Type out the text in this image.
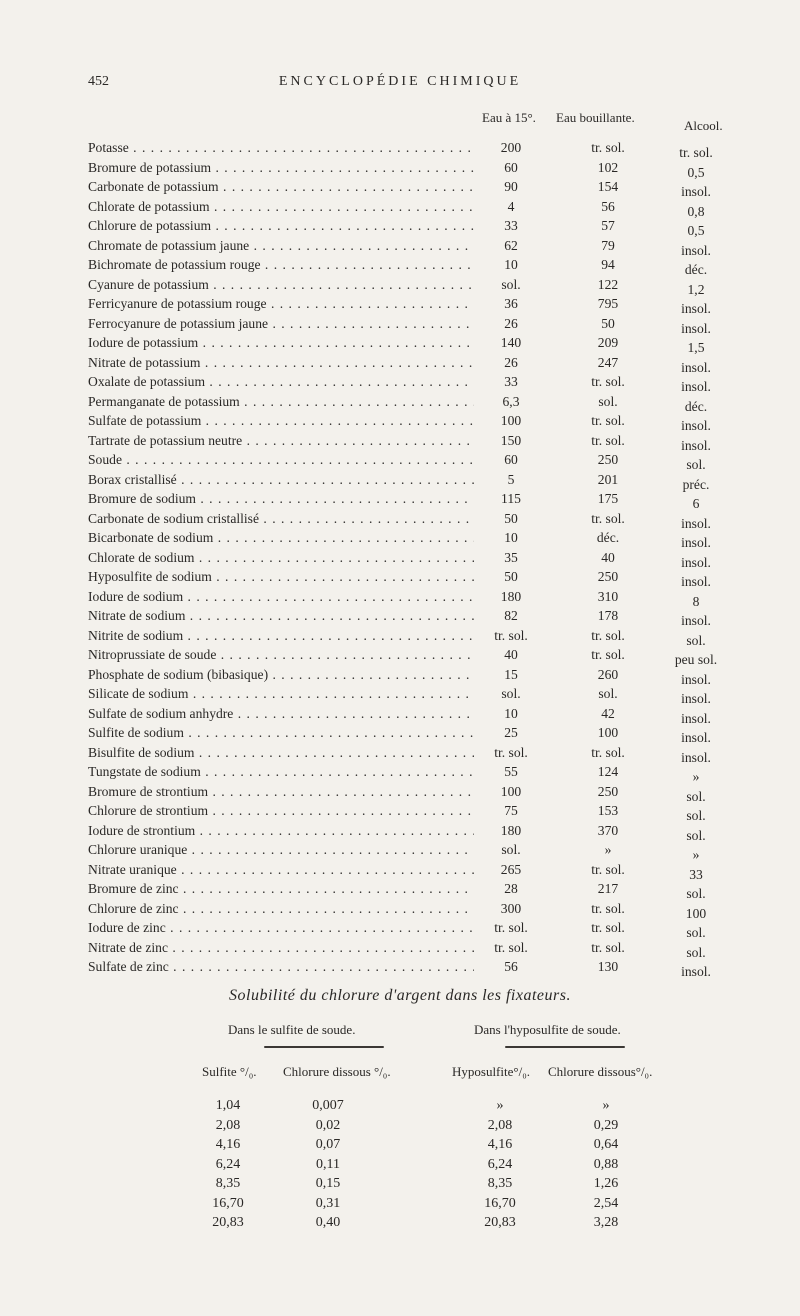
452	ENCYCLOPÉDIE CHIMIQUE
Eau à 15°. Eau bouillante.
Alcool.
Potasse . . .	200	tr. sol.	tr. sol.
Bromure de potassium . . .	60	102	0,5
Carbonate de potassium . . .	90	154	insol.
Chlorate de potassium . . .	4	56	0,8
Chlorure de potassium . . .	33	57	0,5
Chromate de potassium jaune . . .	62	79	insol.
Bichromate de potassium rouge . . .	10	94	déc.
Cyanure de potassium . . .	sol.	122	1,2
Ferricyanure de potassium rouge . . .	36	795	insol.
Ferrocyanure de potassium jaune . . .	26	50	insol.
Iodure de potassium . . .	140	209	1,5
Nitrate de potassium . . .	26	247	insol.
Oxalate de potassium . . .	33	tr. sol.	insol.
Permanganate de potassium . . .	6,3	sol.	déc.
Sulfate de potassium . . .	100	tr. sol.	insol.
Tartrate de potassium neutre . . .	150	tr. sol.	insol.
Soude . . .	60	250	sol.
Borax cristallisé . . .	5	201	préc.
Bromure de sodium . . .	115	175	6
Carbonate de sodium cristallisé . . .	50	tr. sol.	insol.
Bicarbonate de sodium . . .	10	déc.	insol.
Chlorate de sodium . . .	35	40	insol.
Hyposulfite de sodium . . .	50	250	insol.
Iodure de sodium . . .	180	310	8
Nitrate de sodium . . .	82	178	insol.
Nitrite de sodium . . .	tr. sol.	tr. sol.	sol.
Nitroprussiate de soude . . .	40	tr. sol.	peu sol.
Phosphate de sodium (bibasique) . . .	15	260	insol.
Silicate de sodium . . .	sol.	sol.	insol.
Sulfate de sodium anhydre . . .	10	42	insol.
Sulfite de sodium . . .	25	100	insol.
Bisulfite de sodium . . .	tr. sol.	tr. sol.	insol.
Tungstate de sodium . . .	55	124	»
Bromure de strontium . . .	100	250	sol.
Chlorure de strontium . . .	75	153	sol.
Iodure de strontium . . .	180	370	sol.
Chlorure uranique . . .	sol.	»	»
Nitrate uranique . . .	265	tr. sol.	33
Bromure de zinc . . .	28	217	sol.
Chlorure de zinc . . .	300	tr. sol.	100
Iodure de zinc . . .	tr. sol.	tr. sol.	sol.
Nitrate de zinc . . .	tr. sol.	tr. sol.	sol.
Sulfate de zinc . . .	56	130	insol.
Solubilité du chlorure d'argent dans les fixateurs.
Dans le sulfite de soude.	Dans l'hyposulfite de soude.
Sulfite °/₀. Chlorure dissous °/₀.	Hyposulfite°/₀. Chlorure dissous°/₀.
1,04	0,007	»	»
2,08	0,02	2,08	0,29
4,16	0,07	4,16	0,64
6,24	0,11	6,24	0,88
8,35	0,15	8,35	1,26
16,70	0,31	16,70	2,54
20,83	0,40	20,83	3,28
